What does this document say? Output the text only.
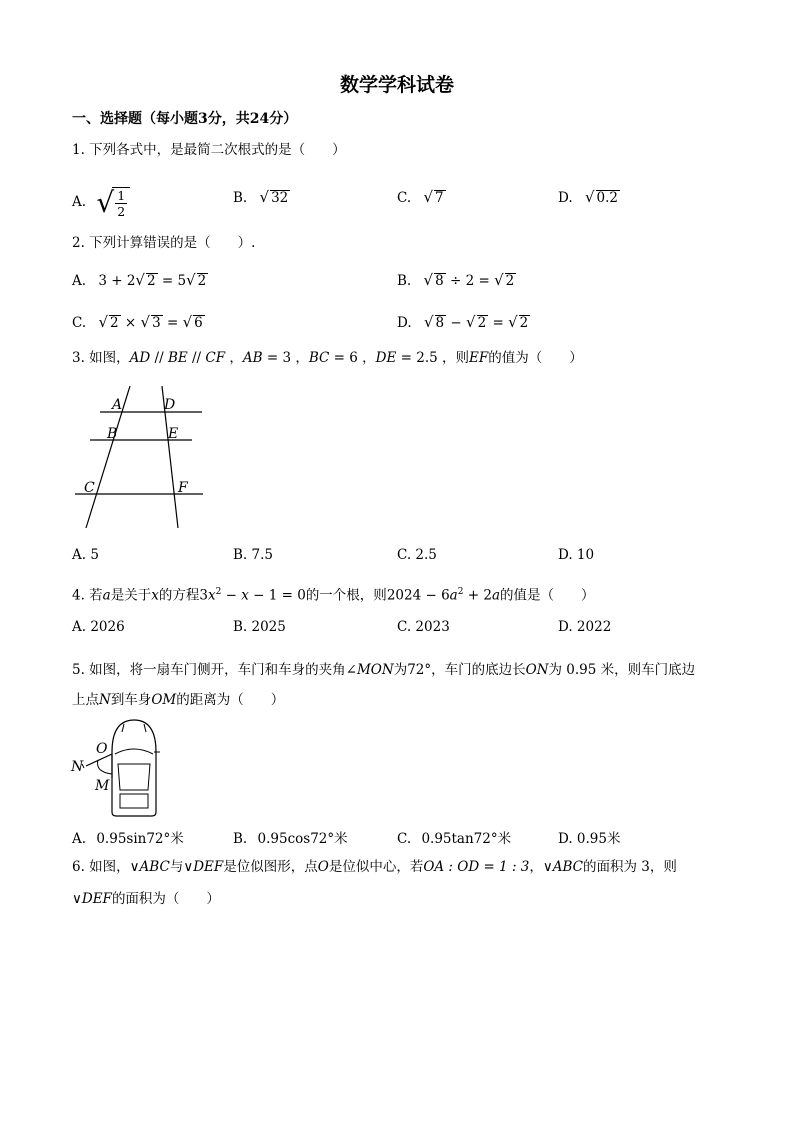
数学学科试卷
一、选择题（每小题3分，共24分）
1. 下列各式中，是最简二次根式的是（　　）
A. √ $\frac{1}{2}$	B. √ 32	C. √ 7	D. √ 0.2
2. 下列计算错误的是（　　）.
A. 3 + 2√ 2 = 5√ 2	B. √ 8 ÷ 2 = √ 2
C. √ 2 × √ 3 = √ 6	D. √ 8 − √ 2 = √ 2
3. 如图，AD // BE // CF ，AB = 3 ，BC = 6 ，DE = 2.5 ，则EF的值为（　　）
A	D
B	E
C	F
A. 5	B. 7.5	C. 2.5	D. 10
4. 若a是关于x的方程$3x^2 - x - 1 = 0$的一个根，则$2024 - 6a^2 + 2a$的值是（　　）
A. 2026	B. 2025	C. 2023	D. 2022
5. 如图，将一扇车门侧开，车门和车身的夹角∠MON为72°，车门的底边长ON为 0.95 米，则车门底边
上点N到车身OM的距离为（　　）
O
N
M
A. 0.95sin72°米	B. 0.95cos72°米	C. 0.95tan72°米	D. 0.95米
6. 如图，∨ABC与∨DEF是位似图形，点O是位似中心，若OA : OD = 1 : 3，∨ABC的面积为 3，则
∨DEF的面积为（　　）
